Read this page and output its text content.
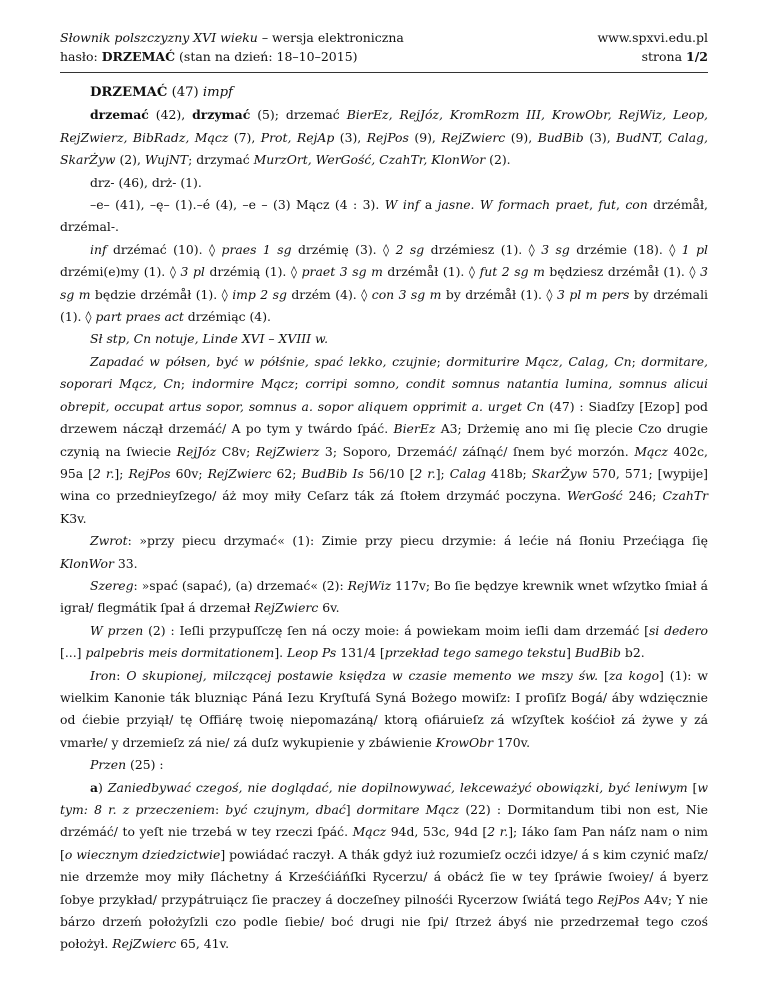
Słownik polszczyzny XVI wieku – wersja elektroniczna
hasło: DRZEMAĆ (stan na dzień: 18–10–2015)
www.spxvi.edu.pl
strona 1/2

DRZEMAĆ (47) impf

drzemać (42), drzymać (5); drzemać BierEz, RejJóz, KromRozm III, KrowObr, RejWiz, Leop, RejZwierz, BibRadz, Mącz (7), Prot, RejAp (3), RejPos (9), RejZwierc (9), BudBib (3), BudNT, Calag, SkarŻyw (2), WujNT; drzymać MurzOrt, WerGość, CzahTr, KlonWor (2).

drz- (46), drż- (1).

–e– (41), –ę– (1).–é (4), –e – (3) Mącz (4 : 3). W inf a jasne. W formach praet, fut, con drzémåł, drzémal-.

inf drzémać (10). ◊ praes 1 sg drzémię (3). ◊ 2 sg drzémiesz (1). ◊ 3 sg drzémie (18). ◊ 1 pl drzémi(e)my (1). ◊ 3 pl drzémią (1). ◊ praet 3 sg m drzémåł (1). ◊ fut 2 sg m będziesz drzémåł (1). ◊ 3 sg m będzie drzémåł (1). ◊ imp 2 sg drzém (4). ◊ con 3 sg m by drzémåł (1). ◊ 3 pl m pers by drzémali (1). ◊ part praes act drzémiąc (4).

Sł stp, Cn notuje, Linde XVI – XVIII w.

Zapadać w półsen, być w półśnie, spać lekko, czujnie; dormiturire Mącz, Calag, Cn; dormitare, soporari Mącz, Cn; indormire Mącz; corripi somno, condit somnus natantia lumina, somnus alicui obrepit, occupat artus sopor, somnus a. sopor aliquem opprimit a. urget Cn (47) : Siadſzy [Ezop] pod drzewem náczął drzemáć/ A po tym y twárdo ſpáć. BierEz A3; Drżemię ano mi ſię plecie Czo drugie czynią na ſwiecie RejJóz C8v; RejZwierz 3; Soporo, Drzemáć/ záſnąć/ ſnem być morzón. Mącz 402c, 95a [2 r.]; RejPos 60v; RejZwierc 62; BudBib Is 56/10 [2 r.]; Calag 418b; SkarŻyw 570, 571; [wypije] wina co przednieyſzego/ áż moy miły Ceſarz ták zá ſtołem drzymáć poczyna. WerGość 246; CzahTr K3v.

Zwrot: »przy piecu drzymać« (1): Zimie przy piecu drzymie: á lećie ná ſłoniu Przećiąga ſię KlonWor 33.

Szereg: »spać (sapać), (a) drzemać« (2): RejWiz 117v; Bo ſie będzye krewnik wnet wſzytko ſmiał á igrał/ flegmátik ſpał á drzemał RejZwierc 6v.

W przen (2) : Ieſli przypuſſczę ſen ná oczy moie: á powiekam moim ieſli dam drzemáć [si dedero [...] palpebris meis dormitationem]. Leop Ps 131/4 [przekład tego samego tekstu] BudBib b2.

Iron: O skupionej, milczącej postawie księdza w czasie memento we mszy św. [za kogo] (1): w wielkim Kanonie ták bluzniąc Páná Iezu Kryſtuſá Syná Bożego mowiſz: I proſiſz Bogá/ áby wdzięcznie od ćiebie przyiął/ tę Offiárę twoię niepomazáną/ ktorą ofiáruieſz zá wſzyſtek kośćioł zá żywe y zá vmarłe/ y drzemieſz zá nie/ zá duſz wykupienie y zbáwienie KrowObr 170v.

Przen (25) :

a) Zaniedbywać czegoś, nie doglądać, nie dopilnowywać, lekceważyć obowiązki, być leniwym [w tym: 8 r. z przeczeniem: być czujnym, dbać] dormitare Mącz (22) : Dormitandum tibi non est, Nie drzémáć/ to yeſt nie trzebá w tey rzeczi ſpáć. Mącz 94d, 53c, 94d [2 r.]; Iáko ſam Pan náſz nam o nim [o wiecznym dziedzictwie] powiádać raczył. A thák gdyż iuż rozumieſz oczći idzye/ á s kim czynić maſz/ nie drzemże moy miły ſláchetny á Krześćiáńſki Rycerzu/ á obácż ſie w tey ſpráwie ſwoiey/ á byerz ſobye przykład/ przypátruiącz ſie praczey á doczeſney pilnośći Rycerzow ſwiátá tego RejPos A4v; Y nie bárzo drzeḿ położyſzli czo podle ſiebie/ boć drugi nie ſpi/ ſtrzeż ábyś nie przedrzemał tego czoś położył. RejZwierc 65, 41v.
